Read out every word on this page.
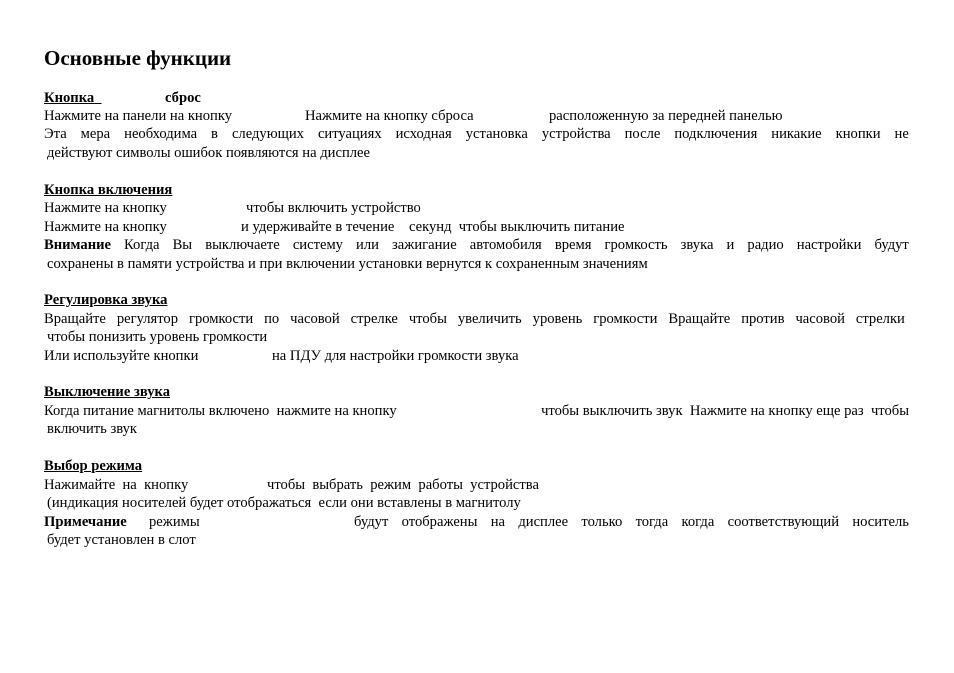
Основные функции
Кнопка	сброс

Нажмите на панели на кнопку	Нажмите на кнопку сброса	расположенную за передней панелью
Эта мера необходима в следующих ситуациях исходная установка устройства после подключения никакие кнопки не
действуют символы ошибок появляются на дисплее
Кнопка включения
Нажмите на кнопку	чтобы включить устройство
Нажмите на кнопку	и удерживайте в течение    секунд  чтобы выключить питание
Внимание Когда Вы выключаете систему или зажигание автомобиля время громкость звука и радио настройки будут
сохранены в памяти устройства и при включении установки вернутся к сохраненным значениям
Регулировка звука
Вращайте регулятор громкости по часовой стрелке чтобы увеличить уровень громкости Вращайте против часовой стрелки
чтобы понизить уровень громкости
Или используйте кнопки	на ПДУ для настройки громкости звука
Выключение звука
Когда питание магнитолы включено  нажмите на кнопку	чтобы выключить звук  Нажмите на кнопку еще раз  чтобы
включить звук
Выбор режима
Нажимайте  на  кнопку	чтобы  выбрать  режим  работы  устройства
(индикация носителей будет отображаться  если они вставлены в магнитолу
Примечание режимы	будут отображены на дисплее только тогда когда соответствующий носитель
будет установлен в слот
